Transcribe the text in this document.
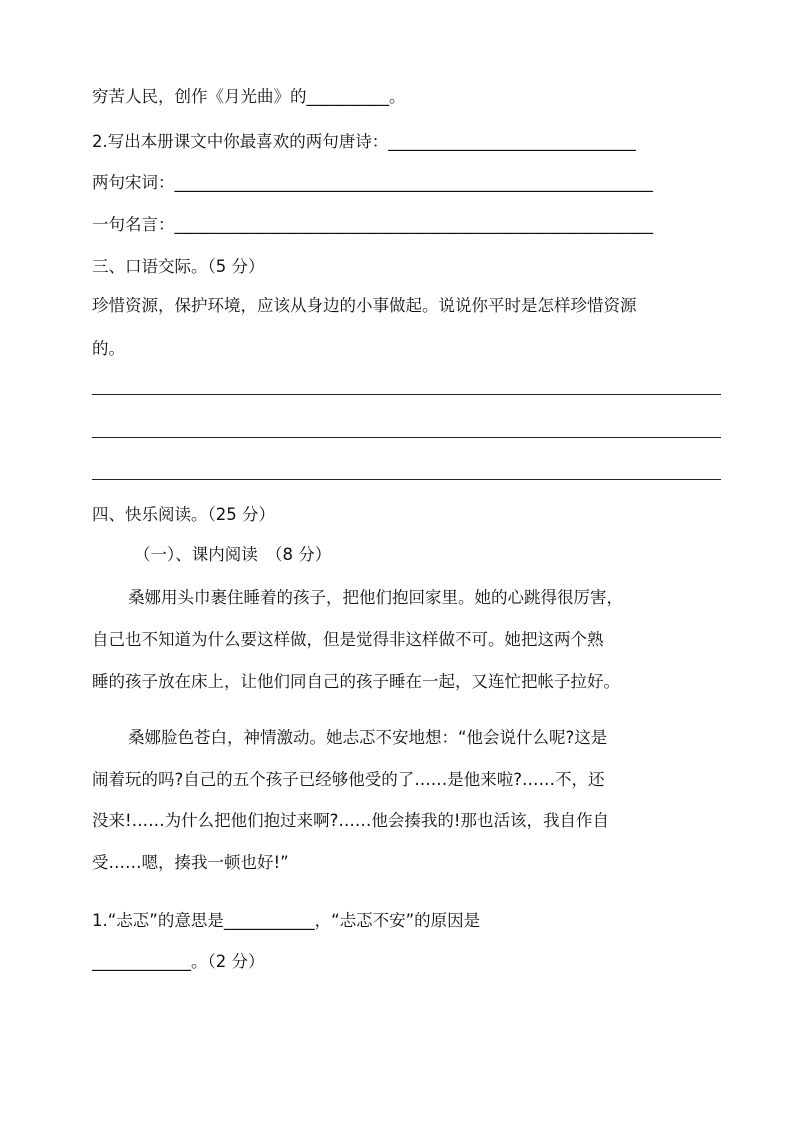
穷苦人民，创作《月光曲》的__________。
2.写出本册课文中你最喜欢的两句唐诗：______________________________
两句宋词：__________________________________________________________
一句名言：__________________________________________________________
三、口语交际。（5 分）
珍惜资源，保护环境，应该从身边的小事做起。说说你平时是怎样珍惜资源
的。
四、快乐阅读。（25 分）
（一）、课内阅读　（8 分）
桑娜用头巾裹住睡着的孩子，把他们抱回家里。她的心跳得很厉害，
自己也不知道为什么要这样做，但是觉得非这样做不可。她把这两个熟
睡的孩子放在床上，让他们同自己的孩子睡在一起，又连忙把帐子拉好。
桑娜脸色苍白，神情激动。她忐忑不安地想：“他会说什么呢?这是
闹着玩的吗?自己的五个孩子已经够他受的了……是他来啦?……不，还
没来!……为什么把他们抱过来啊?……他会揍我的!那也活该，我自作自
受……嗯，揍我一顿也好!”
1.“忐忑”的意思是___________，“忐忑不安”的原因是
____________。（2 分）
